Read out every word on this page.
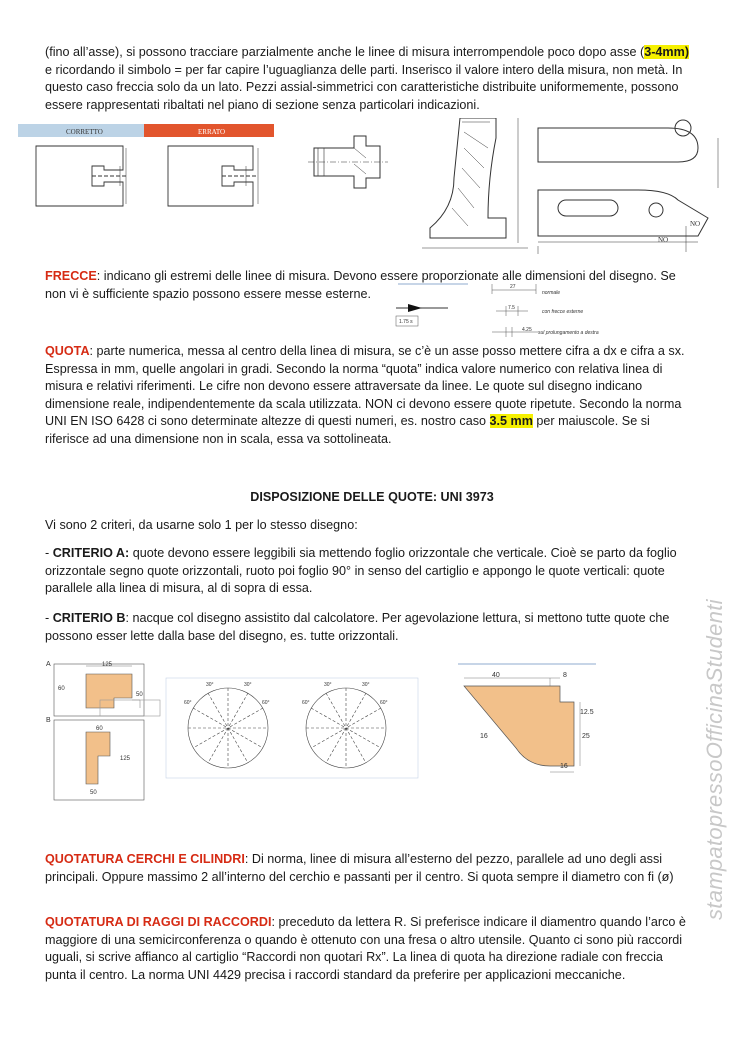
(fino all’asse), si possono tracciare parzialmente anche le linee di misura interrompendole poco dopo asse (3-4mm) e ricordando il simbolo = per far capire l’uguaglianza delle parti. Inserisco il valore intero della misura, non metà. In questo caso freccia solo da un lato. Pezzi assial-simmetrici con caratteristiche distribuite uniformemente, possono essere rappresentati ribaltati nel piano di sezione senza particolari indicazioni.

CORRETTO	ERRATO
NO
NO

FRECCE: indicano gli estremi delle linee di misura. Devono essere proporzionate alle dimensioni del disegno. Se non vi è sufficiente spazio possono essere messe esterne.

1.75 s
27
normale
7.5
con frecce esterne
4.25 sul prolungamento a destra

QUOTA: parte numerica, messa al centro della linea di misura, se c’è un asse posso mettere cifra a dx e cifra a sx. Espressa in mm, quelle angolari in gradi. Secondo la norma “quota” indica valore numerico con relativa linea di misura e relativi riferimenti. Le cifre non devono essere attraversate da linee. Le quote sul disegno indicano dimensione reale, indipendentemente da scala utilizzata. NON ci devono essere quote ripetute. Secondo la norma UNI EN ISO 6428 ci sono determinate altezze di questi numeri, es. nostro caso 3.5 mm per maiuscole. Se si riferisce ad una dimensione non in scala, essa va sottolineata.

DISPOSIZIONE DELLE QUOTE: UNI 3973

Vi sono 2 criteri, da usarne solo 1 per lo stesso disegno:

- CRITERIO A: quote devono essere leggibili sia mettendo foglio orizzontale che verticale. Cioè se parto da foglio orizzontale segno quote orizzontali, ruoto poi foglio 90° in senso del cartiglio e appongo le quote verticali: quote parallele alla linea di misura, al di sopra di essa.

- CRITERIO B: nacque col disegno assistito dal calcolatore. Per agevolazione lettura, si mettono tutte quote che possono esser lette dalla base del disegno, es. tutte orizzontali.

A	125
60
50
B
60
125
50
30°	30°
60°	60°
30°	30°
60°	60°
40	8
12.5
16	25
16

QUOTATURA CERCHI E CILINDRI: Di norma, linee di misura all’esterno del pezzo, parallele ad uno degli assi principali. Oppure massimo 2 all’interno del cerchio e passanti per il centro. Si quota sempre il diametro con fi (ø)

QUOTATURA DI RAGGI DI RACCORDI: preceduto da lettera R. Si preferisce indicare il diamentro quando l’arco è maggiore di una semicirconferenza o quando è ottenuto con una fresa o altro utensile. Quanto ci sono più raccordi uguali, si scrive affianco al cartiglio “Raccordi non quotari Rx”. La linea di quota ha direzione radiale con freccia punta il centro. La norma UNI 4429 precisa i raccordi standard da preferire per applicazioni meccaniche.

stampatopressoOfficinaStudenti
